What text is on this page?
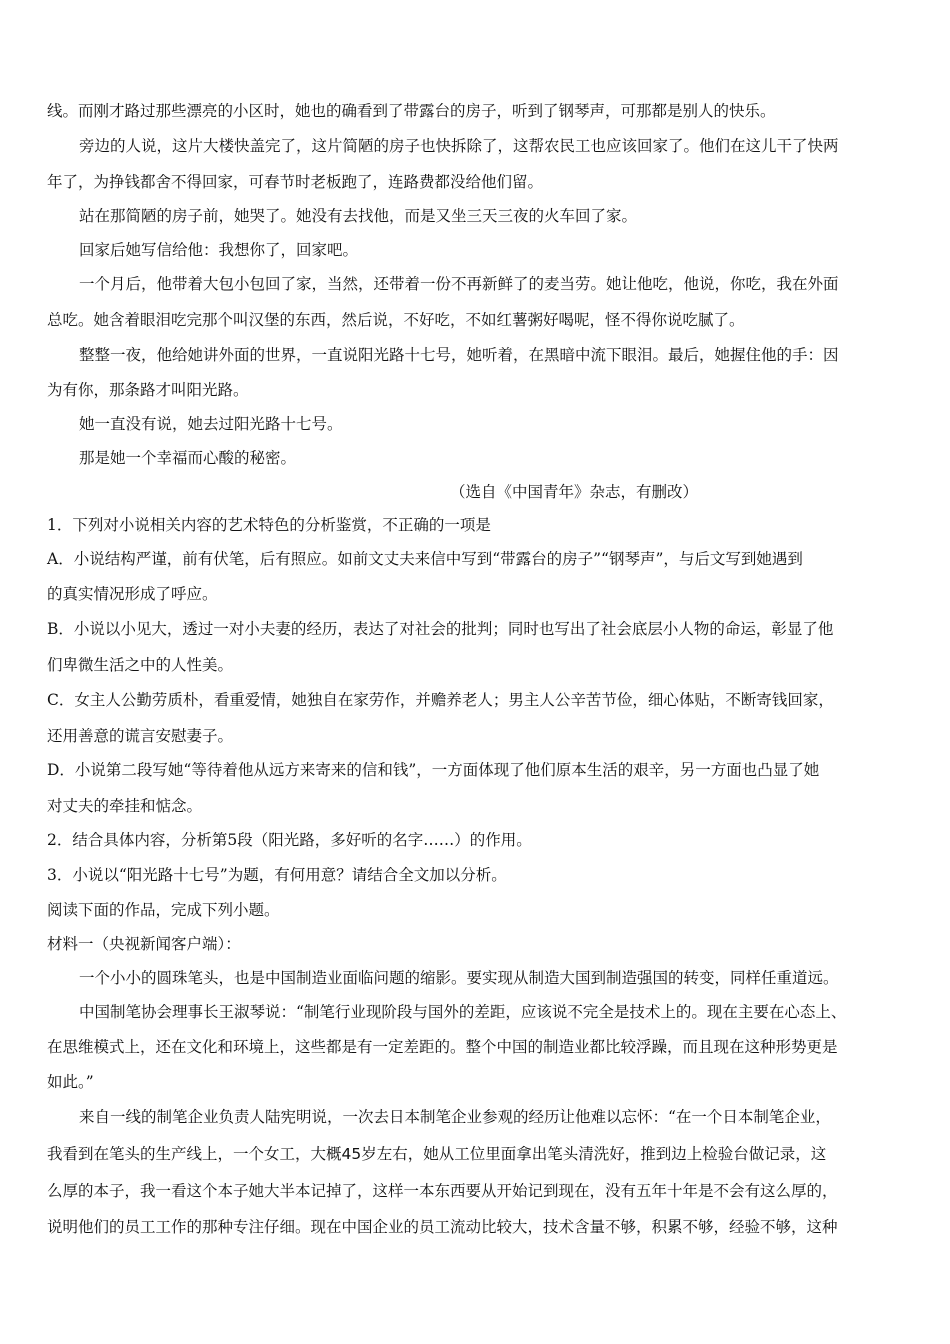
线。而刚才路过那些漂亮的小区时，她也的确看到了带露台的房子，听到了钢琴声，可那都是别人的快乐。
旁边的人说，这片大楼快盖完了，这片简陋的房子也快拆除了，这帮农民工也应该回家了。他们在这儿干了快两
年了，为挣钱都舍不得回家，可春节时老板跑了，连路费都没给他们留。
站在那简陋的房子前，她哭了。她没有去找他，而是又坐三天三夜的火车回了家。
回家后她写信给他：我想你了，回家吧。
一个月后，他带着大包小包回了家，当然，还带着一份不再新鲜了的麦当劳。她让他吃，他说，你吃，我在外面
总吃。她含着眼泪吃完那个叫汉堡的东西，然后说，不好吃，不如红薯粥好喝呢，怪不得你说吃腻了。
整整一夜，他给她讲外面的世界，一直说阳光路十七号，她听着，在黑暗中流下眼泪。最后，她握住他的手：因
为有你，那条路才叫阳光路。
她一直没有说，她去过阳光路十七号。
那是她一个幸福而心酸的秘密。
（选自《中国青年》杂志，有删改）
1．下列对小说相关内容的艺术特色的分析鉴赏，不正确的一项是
A．小说结构严谨，前有伏笔，后有照应。如前文丈夫来信中写到“带露台的房子”“钢琴声”，与后文写到她遇到
的真实情况形成了呼应。
B．小说以小见大，透过一对小夫妻的经历，表达了对社会的批判；同时也写出了社会底层小人物的命运，彰显了他
们卑微生活之中的人性美。
C．女主人公勤劳质朴，看重爱情，她独自在家劳作，并赡养老人；男主人公辛苦节俭，细心体贴，不断寄钱回家，
还用善意的谎言安慰妻子。
D．小说第二段写她“等待着他从远方来寄来的信和钱”，一方面体现了他们原本生活的艰辛，另一方面也凸显了她
对丈夫的牵挂和惦念。
2．结合具体内容，分析第5段（阳光路，多好听的名字……）的作用。
3．小说以“阳光路十七号”为题，有何用意？请结合全文加以分析。
阅读下面的作品，完成下列小题。
材料一（央视新闻客户端）：
一个小小的圆珠笔头，也是中国制造业面临问题的缩影。要实现从制造大国到制造强国的转变，同样任重道远。
中国制笔协会理事长王淑琴说：“制笔行业现阶段与国外的差距，应该说不完全是技术上的。现在主要在心态上、
在思维模式上，还在文化和环境上，这些都是有一定差距的。整个中国的制造业都比较浮躁，而且现在这种形势更是
如此。”
来自一线的制笔企业负责人陆宪明说，一次去日本制笔企业参观的经历让他难以忘怀：“在一个日本制笔企业，
我看到在笔头的生产线上，一个女工，大概45岁左右，她从工位里面拿出笔头清洗好，推到边上检验台做记录，这
么厚的本子，我一看这个本子她大半本记掉了，这样一本东西要从开始记到现在，没有五年十年是不会有这么厚的，
说明他们的员工工作的那种专注仔细。现在中国企业的员工流动比较大，技术含量不够，积累不够，经验不够，这种
